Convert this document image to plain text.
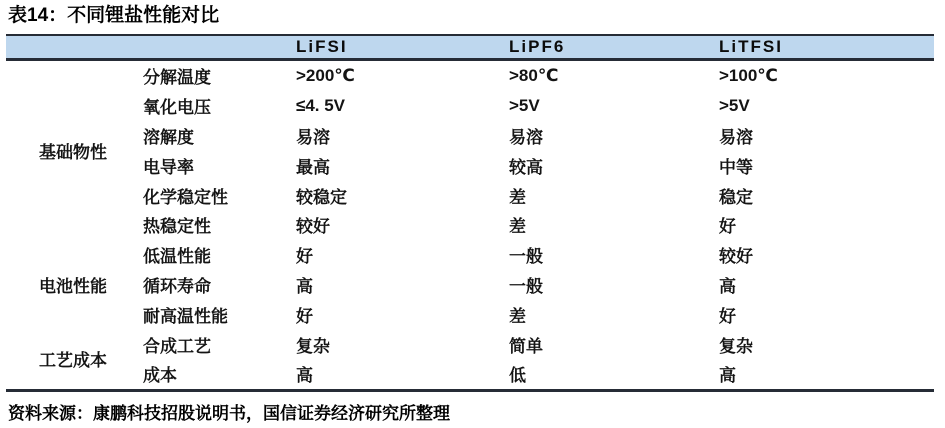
表14：不同锂盐性能对比
		LiFSI	LiPF6	LiTFSI
基础物性	分解温度	>200℃	>80℃	>100℃
	氧化电压	≤4. 5V	>5V	>5V
	溶解度	易溶	易溶	易溶
	电导率	最高	较高	中等
	化学稳定性	较稳定	差	稳定
	热稳定性	较好	差	好
电池性能	低温性能	好	一般	较好
	循环寿命	高	一般	高
	耐高温性能	好	差	好
工艺成本	合成工艺	复杂	简单	复杂
	成本	高	低	高
资料来源：康鹏科技招股说明书，国信证券经济研究所整理
